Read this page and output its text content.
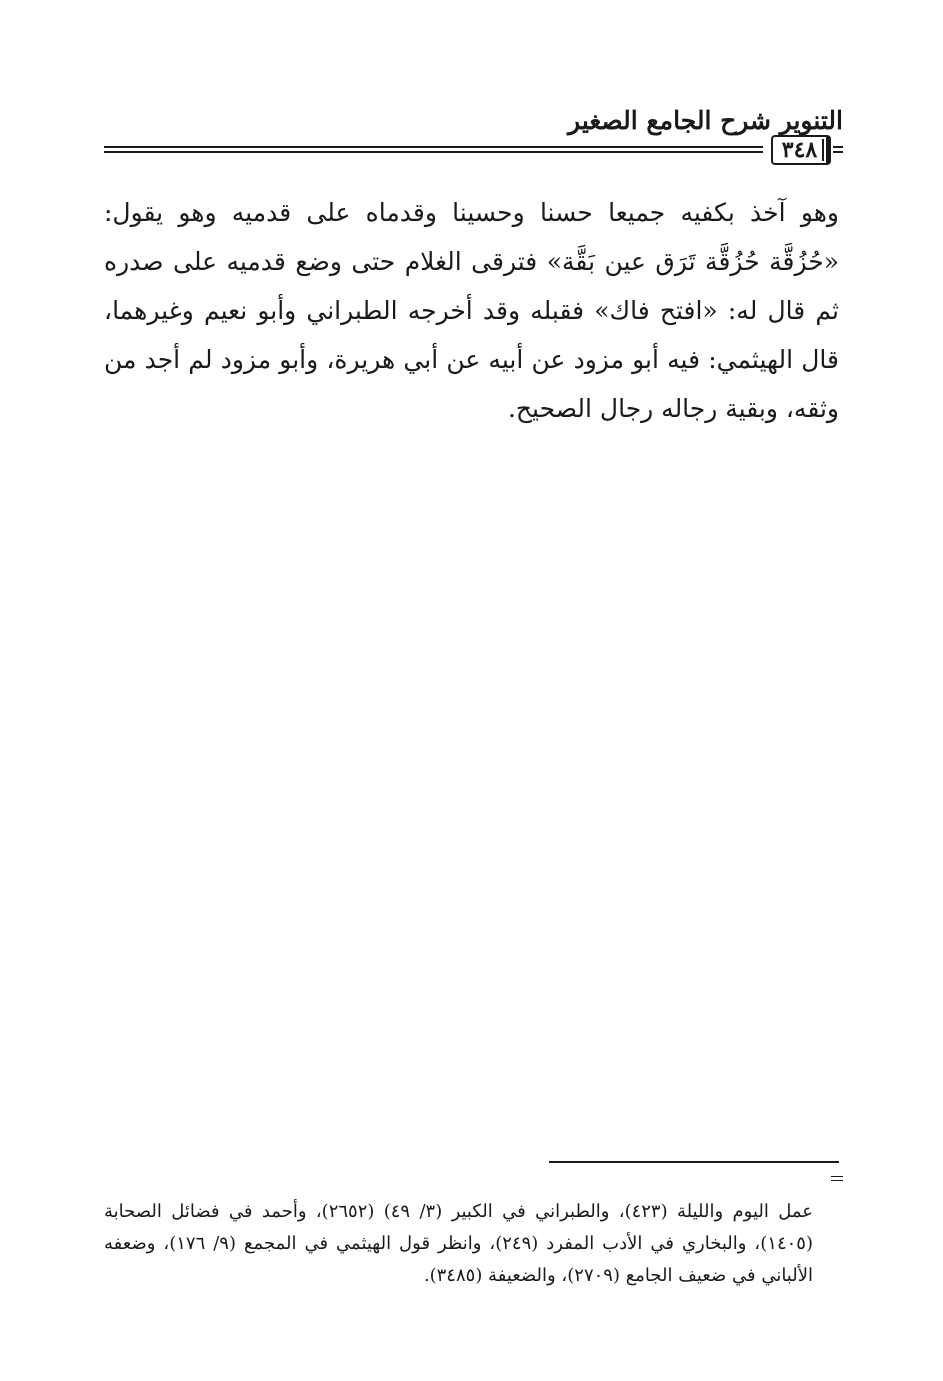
التنوير شرح الجامع الصغير
٣٤٨

وهو آخذ بكفيه جميعا حسنا وحسينا وقدماه على قدميه وهو يقول: «حُزُقَّة حُزُقَّة تَرَق عين بَقَّة» فترقى الغلام حتى وضع قدميه على صدره ثم قال له: «افتح فاك» فقبله وقد أخرجه الطبراني وأبو نعيم وغيرهما، قال الهيثمي: فيه أبو مزود عن أبيه عن أبي هريرة، وأبو مزود لم أجد من وثقه، وبقية رجاله رجال الصحيح.

عمل اليوم والليلة (٤٢٣)، والطبراني في الكبير (٣/ ٤٩) (٢٦٥٢)، وأحمد في فضائل الصحابة (١٤٠٥)، والبخاري في الأدب المفرد (٢٤٩)، وانظر قول الهيثمي في المجمع (٩/ ١٧٦)، وضعفه الألباني في ضعيف الجامع (٢٧٠٩)، والضعيفة (٣٤٨٥).
